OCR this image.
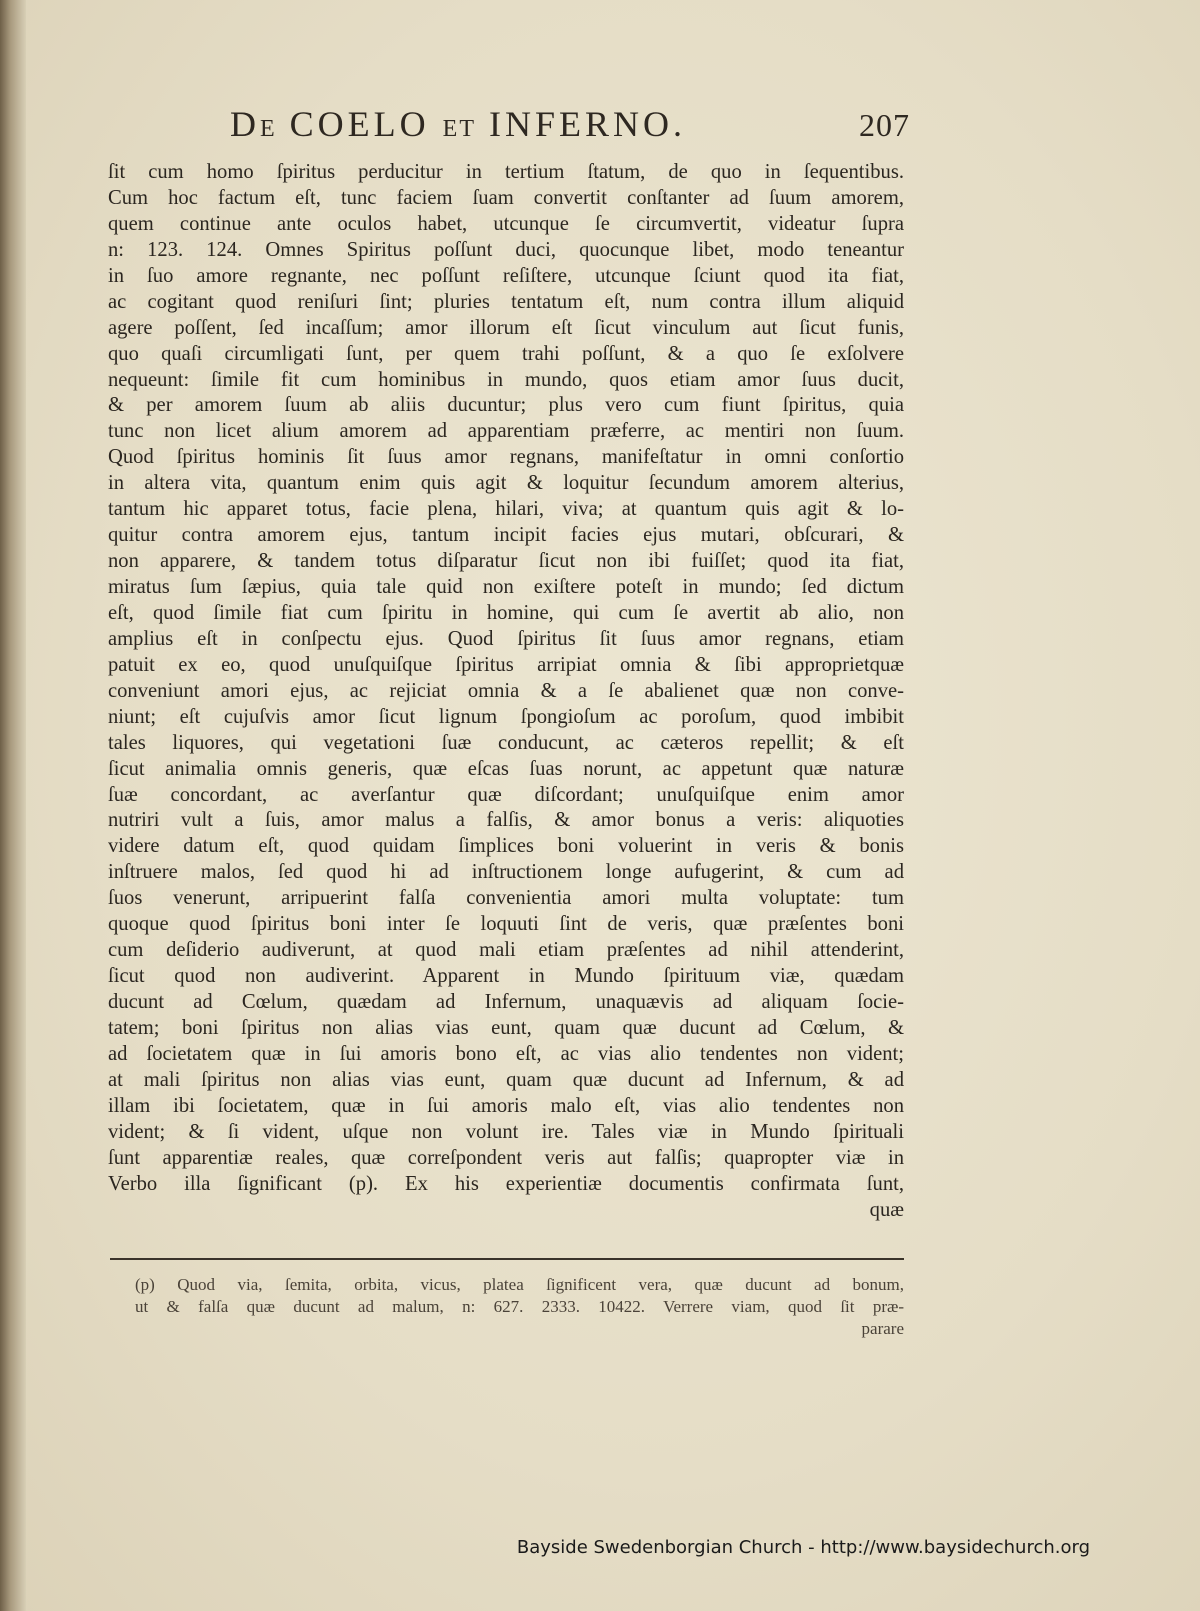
DE COELO ET INFERNO.	207
ſit cum homo ſpiritus perducitur in tertium ſtatum, de quo in ſequentibus.
Cum hoc factum eſt, tunc faciem ſuam convertit conſtanter ad ſuum amorem,
quem continue ante oculos habet, utcunque ſe circumvertit, videatur ſupra
n: 123. 124. Omnes Spiritus poſſunt duci, quocunque libet, modo teneantur
in ſuo amore regnante, nec poſſunt reſiſtere, utcunque ſciunt quod ita fiat,
ac cogitant quod reniſuri ſint; pluries tentatum eſt, num contra illum aliquid
agere poſſent, ſed incaſſum; amor illorum eſt ſicut vinculum aut ſicut funis,
quo quaſi circumligati ſunt, per quem trahi poſſunt, & a quo ſe exſolvere
nequeunt: ſimile fit cum hominibus in mundo, quos etiam amor ſuus ducit,
& per amorem ſuum ab aliis ducuntur; plus vero cum fiunt ſpiritus, quia
tunc non licet alium amorem ad apparentiam præferre, ac mentiri non ſuum.
Quod ſpiritus hominis ſit ſuus amor regnans, manifeſtatur in omni conſortio
in altera vita, quantum enim quis agit & loquitur ſecundum amorem alterius,
tantum hic apparet totus, facie plena, hilari, viva; at quantum quis agit & lo-
quitur contra amorem ejus, tantum incipit facies ejus mutari, obſcurari, &
non apparere, & tandem totus diſparatur ſicut non ibi fuiſſet; quod ita fiat,
miratus ſum ſæpius, quia tale quid non exiſtere poteſt in mundo; ſed dictum
eſt, quod ſimile fiat cum ſpiritu in homine, qui cum ſe avertit ab alio, non
amplius eſt in conſpectu ejus. Quod ſpiritus ſit ſuus amor regnans, etiam
patuit ex eo, quod unuſquiſque ſpiritus arripiat omnia & ſibi approprietquæ
conveniunt amori ejus, ac rejiciat omnia & a ſe abalienet quæ non conve-
niunt; eſt cujuſvis amor ſicut lignum ſpongioſum ac poroſum, quod imbibit
tales liquores, qui vegetationi ſuæ conducunt, ac cæteros repellit; & eſt
ſicut animalia omnis generis, quæ eſcas ſuas norunt, ac appetunt quæ naturæ
ſuæ concordant, ac averſantur quæ diſcordant; unuſquiſque enim amor
nutriri vult a ſuis, amor malus a falſis, & amor bonus a veris: aliquoties
videre datum eſt, quod quidam ſimplices boni voluerint in veris & bonis
inſtruere malos, ſed quod hi ad inſtructionem longe aufugerint, & cum ad
ſuos venerunt, arripuerint falſa convenientia amori multa voluptate: tum
quoque quod ſpiritus boni inter ſe loquuti ſint de veris, quæ præſentes boni
cum deſiderio audiverunt, at quod mali etiam præſentes ad nihil attenderint,
ſicut quod non audiverint. Apparent in Mundo ſpirituum viæ, quædam
ducunt ad Cœlum, quædam ad Infernum, unaquævis ad aliquam ſocie-
tatem; boni ſpiritus non alias vias eunt, quam quæ ducunt ad Cœlum, &
ad ſocietatem quæ in ſui amoris bono eſt, ac vias alio tendentes non vident;
at mali ſpiritus non alias vias eunt, quam quæ ducunt ad Infernum, & ad
illam ibi ſocietatem, quæ in ſui amoris malo eſt, vias alio tendentes non
vident; & ſi vident, uſque non volunt ire. Tales viæ in Mundo ſpirituali
ſunt apparentiæ reales, quæ correſpondent veris aut falſis; quapropter viæ in
Verbo illa ſignificant (p). Ex his experientiæ documentis confirmata ſunt,
quæ
(p) Quod via, ſemita, orbita, vicus, platea ſignificent vera, quæ ducunt ad bonum,
ut & falſa quæ ducunt ad malum, n: 627. 2333. 10422. Verrere viam, quod ſit præ-
parare
Bayside Swedenborgian Church - http://www.baysidechurch.org
